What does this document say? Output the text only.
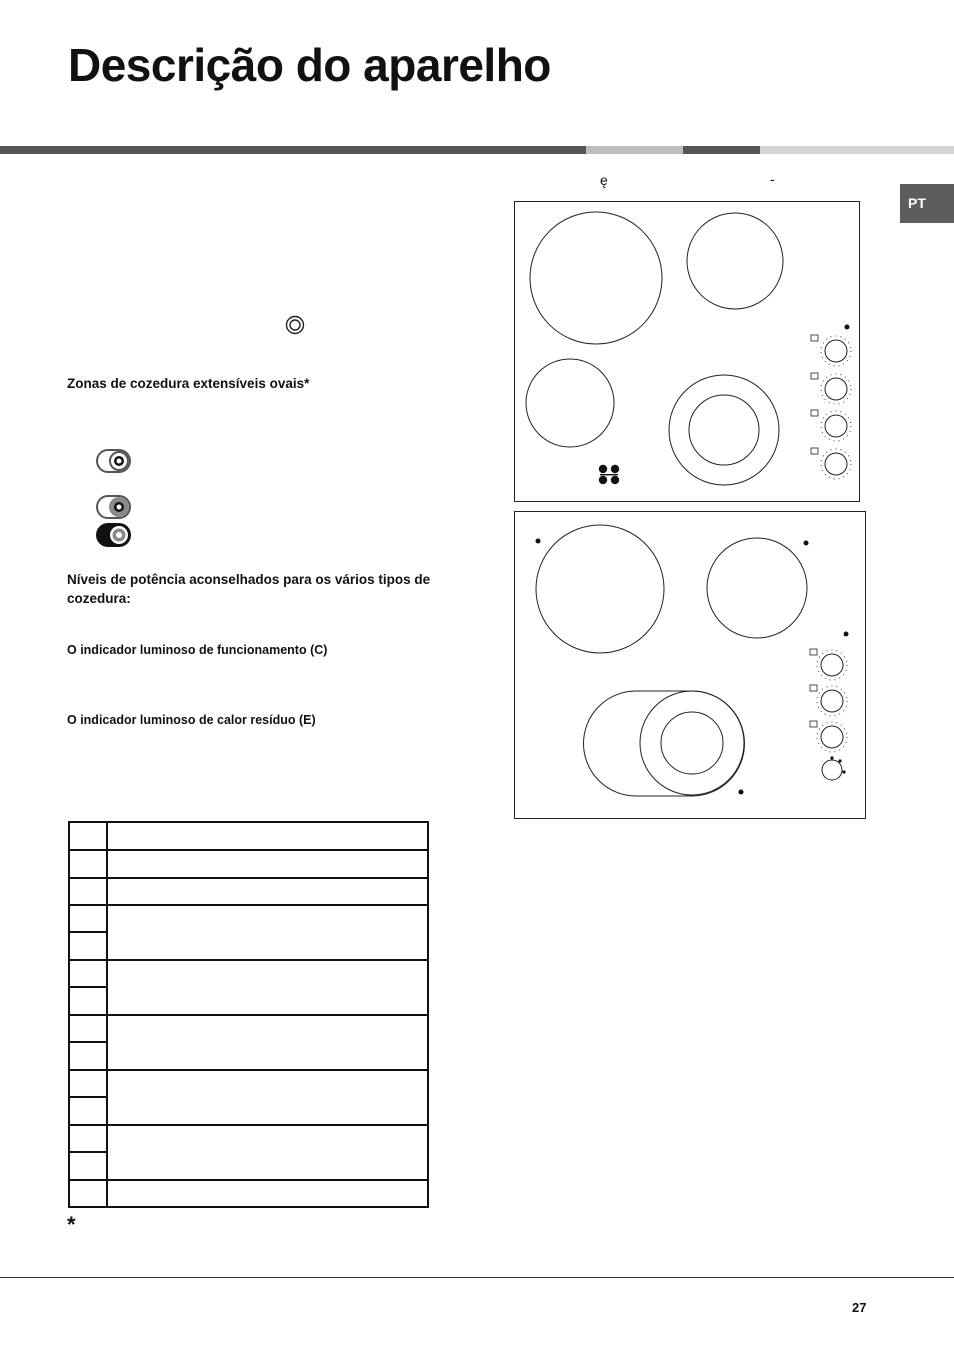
Descrição do aparelho
PT
ę	-
Zonas de cozedura extensíveis ovais*
Níveis de potência aconselhados para os vários tipos de cozedura:
O indicador luminoso de funcionamento (C)
O indicador luminoso de calor resíduo (E)
*
27
